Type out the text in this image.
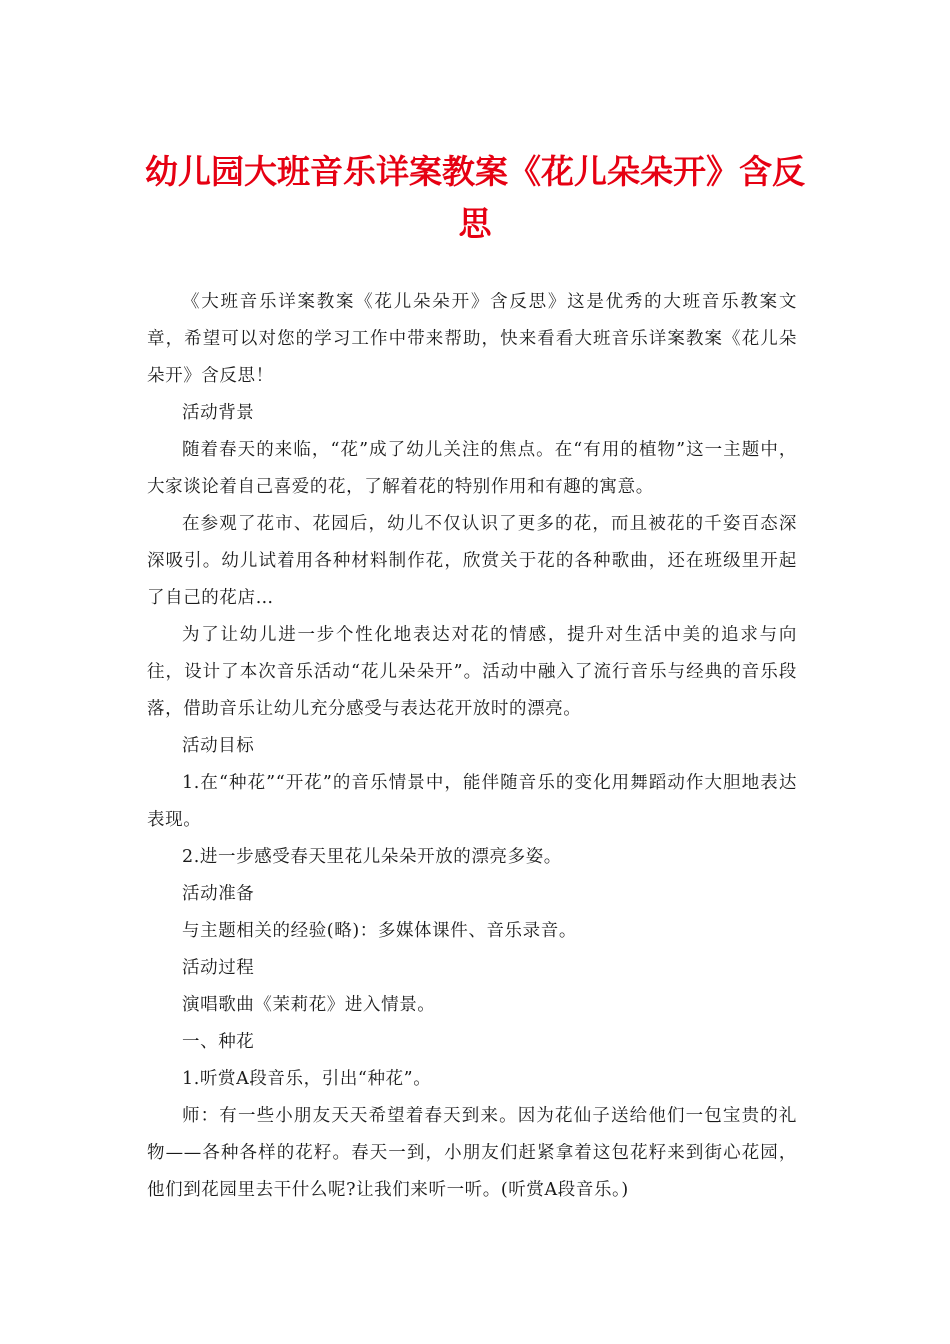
幼儿园大班音乐详案教案《花儿朵朵开》含反思

《大班音乐详案教案《花儿朵朵开》含反思》这是优秀的大班音乐教案文章，希望可以对您的学习工作中带来帮助，快来看看大班音乐详案教案《花儿朵朵开》含反思！

活动背景

随着春天的来临，“花”成了幼儿关注的焦点。在“有用的植物”这一主题中，大家谈论着自己喜爱的花，了解着花的特别作用和有趣的寓意。

在参观了花市、花园后，幼儿不仅认识了更多的花，而且被花的千姿百态深深吸引。幼儿试着用各种材料制作花，欣赏关于花的各种歌曲，还在班级里开起了自己的花店…

为了让幼儿进一步个性化地表达对花的情感，提升对生活中美的追求与向往，设计了本次音乐活动“花儿朵朵开”。活动中融入了流行音乐与经典的音乐段落，借助音乐让幼儿充分感受与表达花开放时的漂亮。

活动目标

1.在“种花”“开花”的音乐情景中，能伴随音乐的变化用舞蹈动作大胆地表达表现。

2.进一步感受春天里花儿朵朵开放的漂亮多姿。

活动准备

与主题相关的经验(略)：多媒体课件、音乐录音。

活动过程

演唱歌曲《茉莉花》进入情景。

一、种花

1.听赏A段音乐，引出“种花”。

师：有一些小朋友天天希望着春天到来。因为花仙子送给他们一包宝贵的礼物——各种各样的花籽。春天一到，小朋友们赶紧拿着这包花籽来到街心花园，他们到花园里去干什么呢?让我们来听一听。(听赏A段音乐。)
